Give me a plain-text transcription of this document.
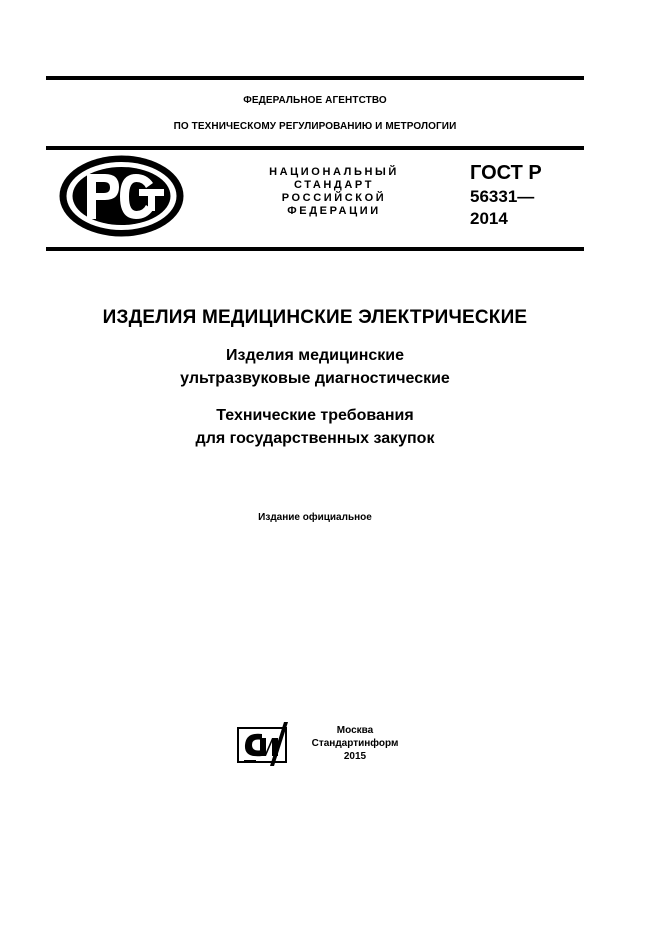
ФЕДЕРАЛЬНОЕ АГЕНТСТВО
ПО ТЕХНИЧЕСКОМУ РЕГУЛИРОВАНИЮ И МЕТРОЛОГИИ
НАЦИОНАЛЬНЫЙ
СТАНДАРТ
РОССИЙСКОЙ
ФЕДЕРАЦИИ
ГОСТ Р
56331—
2014
ИЗДЕЛИЯ МЕДИЦИНСКИЕ ЭЛЕКТРИЧЕСКИЕ
Изделия медицинские
ультразвуковые диагностические
Технические требования
для государственных закупок
Издание официальное
Москва
Стандартинформ
2015
